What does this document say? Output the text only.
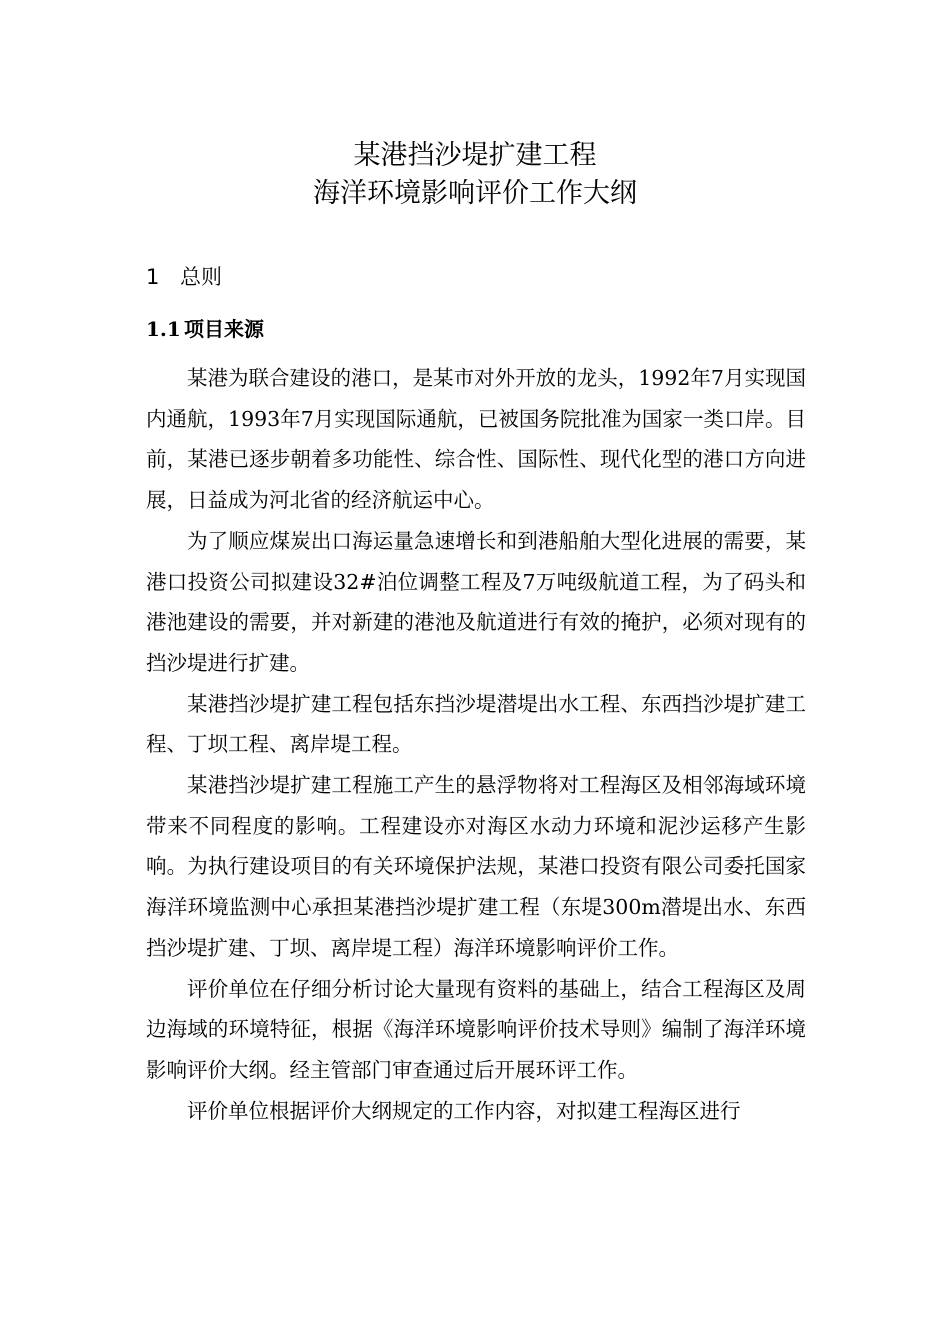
某港挡沙堤扩建工程
海洋环境影响评价工作大纲
1 总则
1.1 项目来源

某港为联合建设的港口，是某市对外开放的龙头，1992年7月实现国内通航，1993年7月实现国际通航，已被国务院批准为国家一类口岸。目前，某港已逐步朝着多功能性、综合性、国际性、现代化型的港口方向进展，日益成为河北省的经济航运中心。

为了顺应煤炭出口海运量急速增长和到港船舶大型化进展的需要，某港口投资公司拟建设32#泊位调整工程及7万吨级航道工程，为了码头和港池建设的需要，并对新建的港池及航道进行有效的掩护，必须对现有的挡沙堤进行扩建。

某港挡沙堤扩建工程包括东挡沙堤潜堤出水工程、东西挡沙堤扩建工程、丁坝工程、离岸堤工程。

某港挡沙堤扩建工程施工产生的悬浮物将对工程海区及相邻海域环境带来不同程度的影响。工程建设亦对海区水动力环境和泥沙运移产生影响。为执行建设项目的有关环境保护法规，某港口投资有限公司委托国家海洋环境监测中心承担某港挡沙堤扩建工程（东堤300m潜堤出水、东西挡沙堤扩建、丁坝、离岸堤工程）海洋环境影响评价工作。

评价单位在仔细分析讨论大量现有资料的基础上，结合工程海区及周边海域的环境特征，根据《海洋环境影响评价技术导则》编制了海洋环境影响评价大纲。经主管部门审查通过后开展环评工作。

评价单位根据评价大纲规定的工作内容，对拟建工程海区进行
